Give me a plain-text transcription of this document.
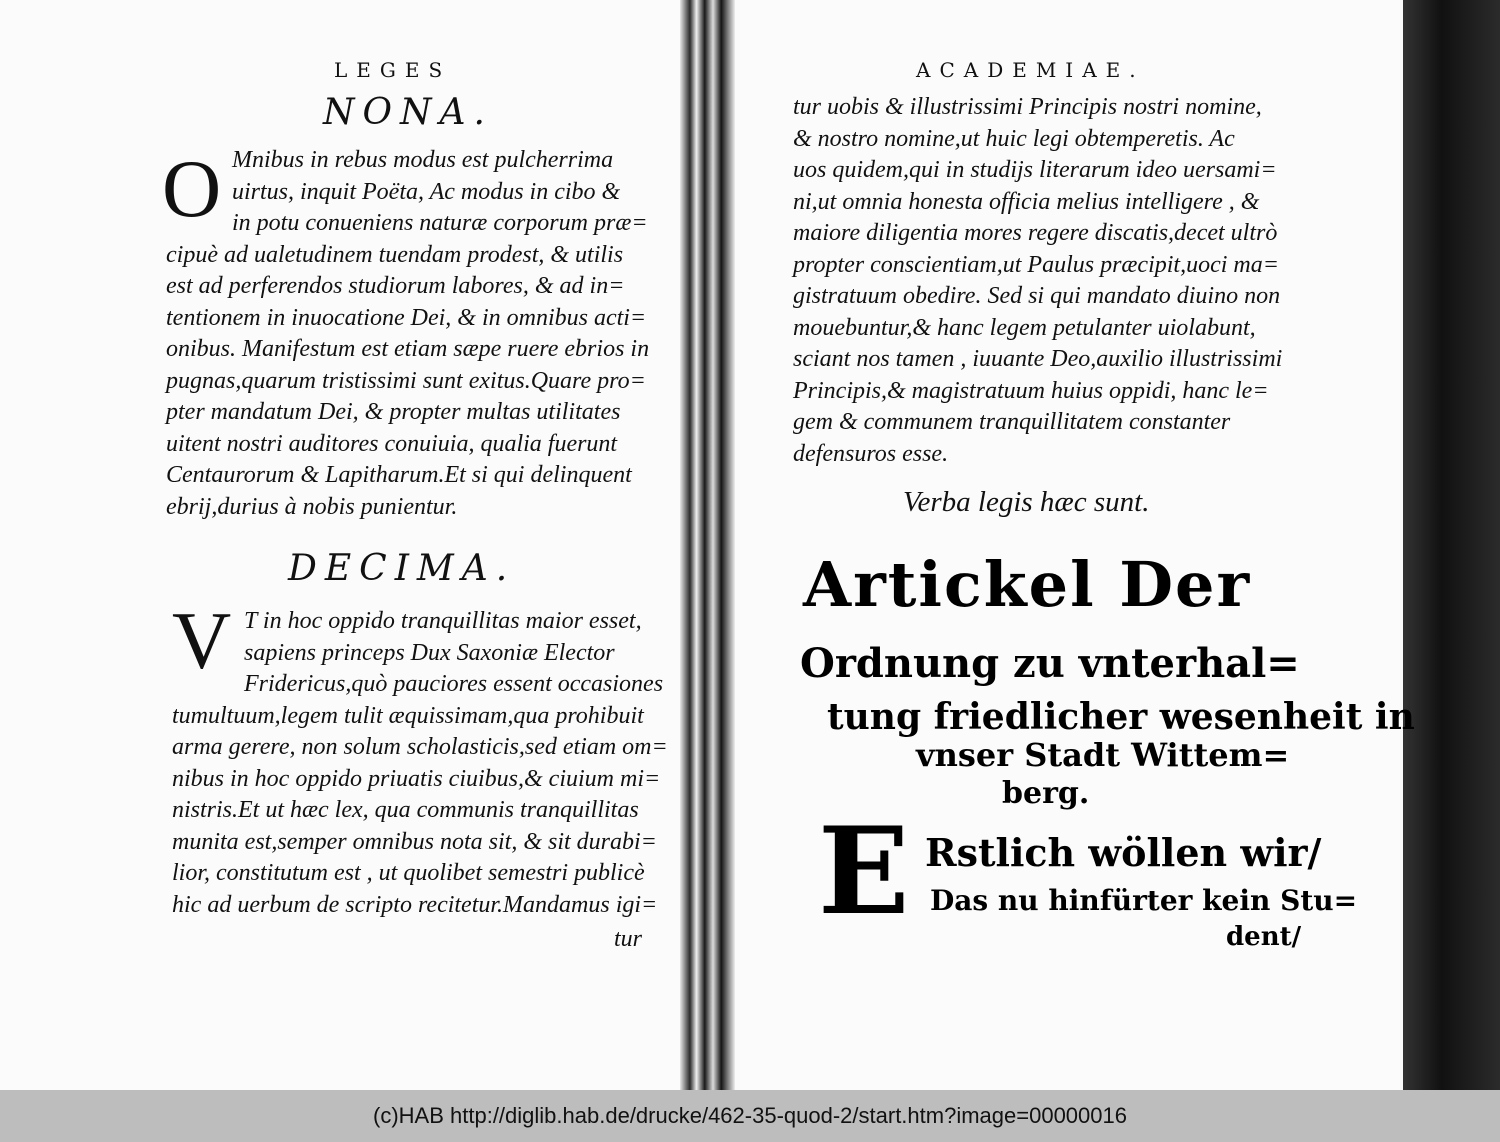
LEGES
NONA.
O Mnibus in rebus modus est pulcherrima
uirtus, inquit Poëta, Ac modus in cibo &
in potu conueniens naturæ corporum præ=
cipuè ad ualetudinem tuendam prodest, & utilis
est ad perferendos studiorum labores, & ad in=
tentionem in inuocatione Dei, & in omnibus acti=
onibus. Manifestum est etiam sæpe ruere ebrios in
pugnas,quarum tristissimi sunt exitus.Quare pro=
pter mandatum Dei, & propter multas utilitates
uitent nostri auditores conuiuia, qualia fuerunt
Centaurorum & Lapitharum.Et si qui delinquent
ebrij,durius à nobis punientur.
DECIMA.
V T in hoc oppido tranquillitas maior esset,
sapiens princeps Dux Saxoniæ Elector
Fridericus,quò pauciores essent occasiones
tumultuum,legem tulit æquissimam,qua prohibuit
arma gerere, non solum scholasticis,sed etiam om=
nibus in hoc oppido priuatis ciuibus,& ciuium mi=
nistris.Et ut hæc lex, qua communis tranquillitas
munita est,semper omnibus nota sit, & sit durabi=
lior, constitutum est , ut quolibet semestri publicè
hic ad uerbum de scripto recitetur.Mandamus igi=
tur
ACADEMIAE.
tur uobis & illustrissimi Principis nostri nomine,
& nostro nomine,ut huic legi obtemperetis. Ac
uos quidem,qui in studijs literarum ideo uersami=
ni,ut omnia honesta officia melius intelligere , &
maiore diligentia mores regere discatis,decet ultrò
propter conscientiam,ut Paulus præcipit,uoci ma=
gistratuum obedire. Sed si qui mandato diuino non
mouebuntur,& hanc legem petulanter uiolabunt,
sciant nos tamen , iuuante Deo,auxilio illustrissimi
Principis,& magistratuum huius oppidi, hanc le=
gem & communem tranquillitatem constanter
defensuros esse.
Verba legis hæc sunt.
Artickel Der
Ordnung zu vnterhal=
tung friedlicher wesenheit in
vnser Stadt Wittem=
berg.
E Rstlich wöllen wir/
Das nu hinfürter kein Stu=
dent/
(c)HAB http://diglib.hab.de/drucke/462-35-quod-2/start.htm?image=00000016
